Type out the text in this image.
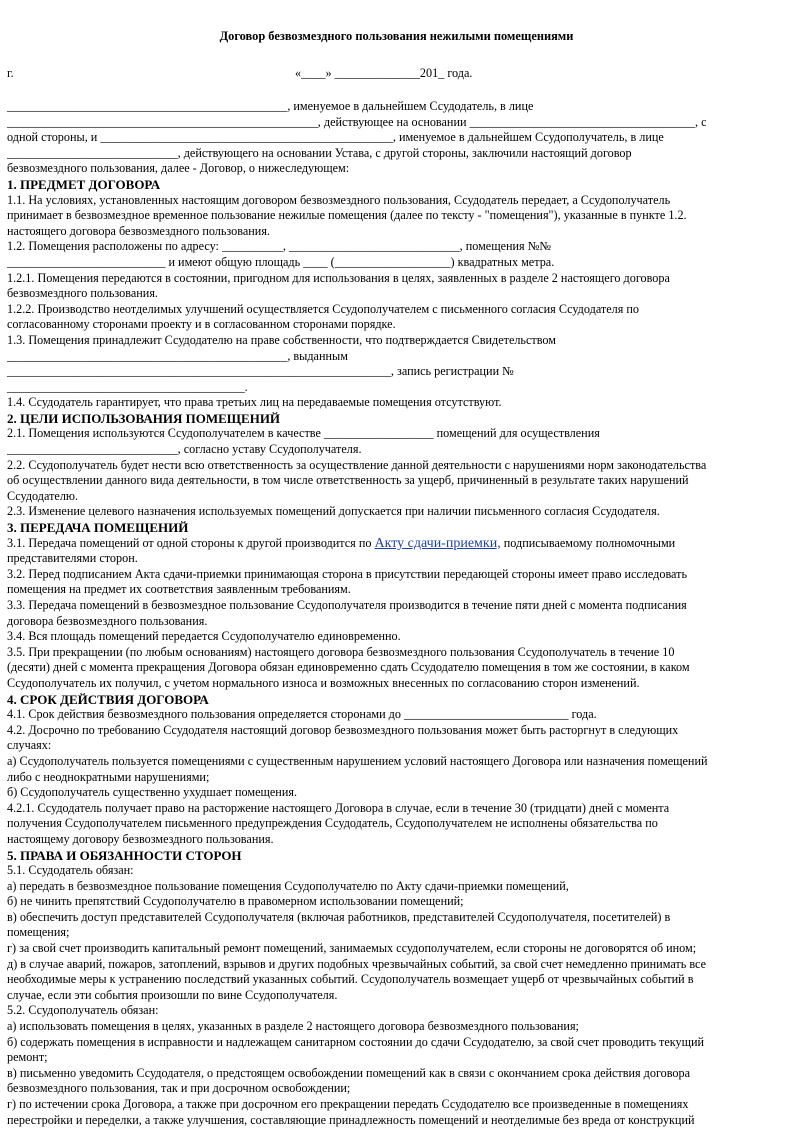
Договор безвозмездного пользования нежилыми помещениями
г.	«____» ______________201_ года.

______________________________________________, именуемое в дальнейшем Ссудодатель, в лице

___________________________________________________, действующее на основании _____________________________________, с

одной стороны, и ________________________________________________, именуемое в дальнейшем Ссудополучатель, в лице

____________________________, действующего на основании Устава, с другой стороны, заключили настоящий договор

безвозмездного пользования, далее - Договор, о нижеследующем:

1. ПРЕДМЕТ ДОГОВОРА

1.1. На условиях, установленных настоящим договором безвозмездного пользования, Ссудодатель передает, а Ссудополучатель

принимает в безвозмездное временное пользование нежилые помещения (далее по тексту - "помещения"), указанные в пункте 1.2.

настоящего договора безвозмездного пользования.

1.2. Помещения расположены по адресу: __________, ____________________________, помещения №№

__________________________ и имеют общую площадь ____ (___________________) квадратных метра.

1.2.1. Помещения передаются в состоянии, пригодном для использования в целях, заявленных в разделе 2 настоящего договора

безвозмездного пользования.

1.2.2. Производство неотделимых улучшений осуществляется Ссудополучателем с письменного согласия Ссудодателя по

согласованному сторонами проекту и в согласованном сторонами порядке.

1.3. Помещения принадлежит Ссудодателю на праве собственности, что подтверждается Свидетельством

______________________________________________, выданным

_______________________________________________________________, запись регистрации №

_______________________________________.

1.4. Ссудодатель гарантирует, что права третьих лиц на передаваемые помещения отсутствуют.

2. ЦЕЛИ ИСПОЛЬЗОВАНИЯ ПОМЕЩЕНИЙ

2.1. Помещения используются Ссудополучателем в качестве __________________ помещений для осуществления

____________________________, согласно уставу Ссудополучателя.

2.2. Ссудополучатель будет нести всю ответственность за осуществление данной деятельности с нарушениями норм законодательства

об осуществлении данного вида деятельности, в том числе ответственность за ущерб, причиненный в результате таких нарушений

Ссудодателю.

2.3. Изменение целевого назначения используемых помещений допускается при наличии письменного согласия Ссудодателя.

3. ПЕРЕДАЧА ПОМЕЩЕНИЙ

3.1. Передача помещений от одной стороны к другой производится по Акту сдачи-приемки, подписываемому полномочными

представителями сторон.

3.2. Перед подписанием Акта сдачи-приемки принимающая сторона в присутствии передающей стороны имеет право исследовать

помещения на предмет их соответствия заявленным требованиям.

3.3. Передача помещений в безвозмездное пользование Ссудополучателя производится в течение пяти дней с момента подписания

договора безвозмездного пользования.

3.4. Вся площадь помещений передается Ссудополучателю единовременно.

3.5. При прекращении (по любым основаниям) настоящего договора безвозмездного пользования Ссудополучатель в течение 10

(десяти) дней с момента прекращения Договора обязан единовременно сдать Ссудодателю помещения в том же состоянии, в каком

Ссудополучатель их получил, с учетом нормального износа и возможных внесенных по согласованию сторон изменений.

4. СРОК ДЕЙСТВИЯ ДОГОВОРА

4.1. Срок действия безвозмездного пользования определяется сторонами до ___________________________ года.

4.2. Досрочно по требованию Ссудодателя настоящий договор безвозмездного пользования может быть расторгнут в следующих

случаях:

а) Ссудополучатель пользуется помещениями с существенным нарушением условий настоящего Договора или назначения помещений

либо с неоднократными нарушениями;

б) Ссудополучатель существенно ухудшает помещения.

4.2.1. Ссудодатель получает право на расторжение настоящего Договора в случае, если в течение 30 (тридцати) дней с момента

получения Ссудополучателем письменного предупреждения Ссудодатель, Ссудополучателем не исполнены обязательства по

настоящему договору безвозмездного пользования.

5. ПРАВА И ОБЯЗАННОСТИ СТОРОН

5.1. Ссудодатель обязан:

а) передать в безвозмездное пользование помещения Ссудополучателю по Акту сдачи-приемки помещений,

б) не чинить препятствий Ссудополучателю в правомерном использовании помещений;

в) обеспечить доступ представителей Ссудополучателя (включая работников, представителей Ссудополучателя, посетителей) в

помещения;

г) за свой счет производить капитальный ремонт помещений, занимаемых ссудополучателем, если стороны не договорятся об ином;

д) в случае аварий, пожаров, затоплений, взрывов и других подобных чрезвычайных событий, за свой счет немедленно принимать все

необходимые меры к устранению последствий указанных событий. Ссудополучатель возмещает ущерб от чрезвычайных событий в

случае, если эти события произошли по вине Ссудополучателя.

5.2. Ссудополучатель обязан:

а) использовать помещения в целях, указанных в разделе 2 настоящего договора безвозмездного пользования;

б) содержать помещения в исправности и надлежащем санитарном состоянии до сдачи Ссудодателю, за свой счет проводить текущий

ремонт;

в) письменно уведомить Ссудодателя, о предстоящем освобождении помещений как в связи с окончанием срока действия договора

безвозмездного пользования, так и при досрочном освобождении;

г) по истечении срока Договора, а также при досрочном его прекращении передать Ссудодателю все произведенные в помещениях

перестройки и переделки, а также улучшения, составляющие принадлежность помещений и неотделимые без вреда от конструкций
